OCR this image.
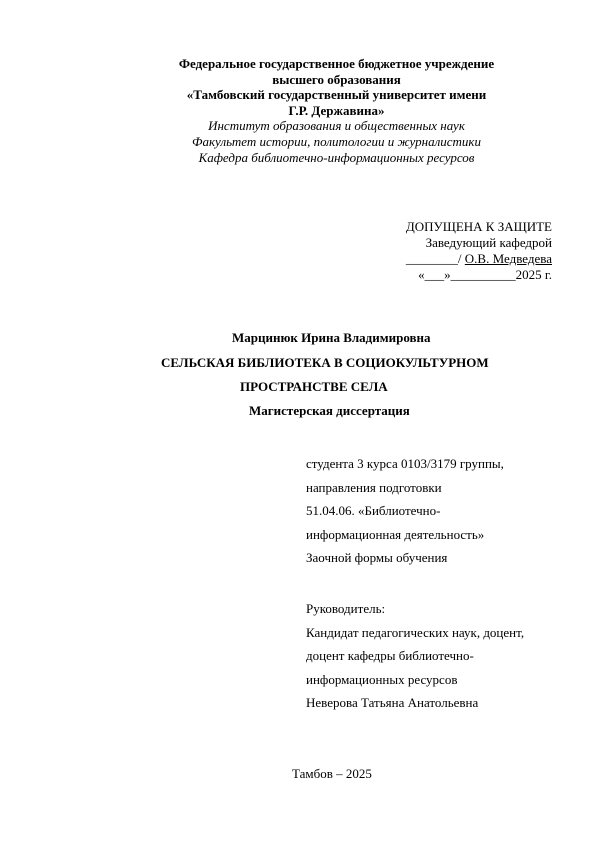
Федеральное государственное бюджетное учреждение
высшего образования
«Тамбовский государственный университет имени
Г.Р. Державина»
Институт образования и общественных наук
Факультет истории, политологии и журналистики
Кафедра библиотечно-информационных ресурсов
ДОПУЩЕНА К ЗАЩИТЕ
Заведующий кафедрой
________/ О.В. Медведева
«___»__________2025 г.
Марцинюк Ирина Владимировна
СЕЛЬСКАЯ БИБЛИОТЕКА В СОЦИОКУЛЬТУРНОМ
ПРОСТРАНСТВЕ СЕЛА
Магистерская диссертация
студента 3 курса 0103/3179 группы,
направления подготовки
51.04.06. «Библиотечно-
информационная деятельность»
Заочной формы обучения
Руководитель:
Кандидат педагогических наук, доцент,
доцент кафедры библиотечно-
информационных ресурсов
Неверова Татьяна Анатольевна
Тамбов – 2025
